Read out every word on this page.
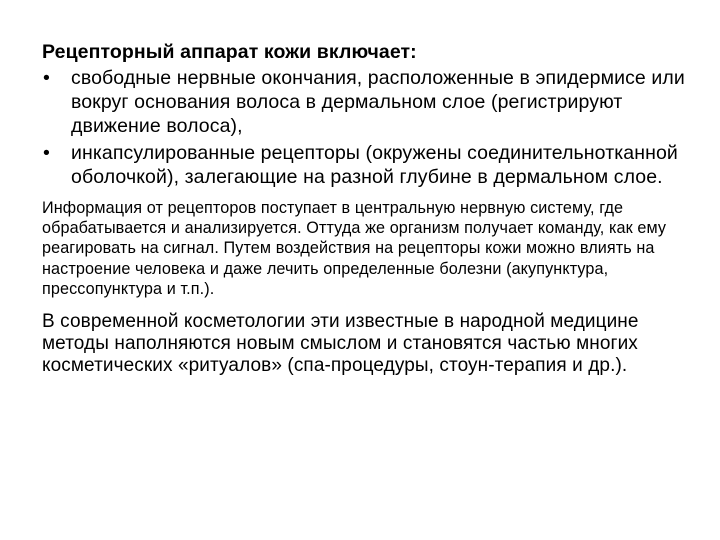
Рецепторный аппарат кожи включает:

• свободные нервные окончания, расположенные в эпидермисе или вокруг основания волоса в дермальном слое (регистрируют движение волоса),
• инкапсулированные рецепторы (окружены соединительнотканной оболочкой), залегающие на разной глубине в дермальном слое.

Информация от рецепторов поступает в центральную нервную систему, где обрабатывается и анализируется. Оттуда же организм получает команду, как ему реагировать на сигнал. Путем воздействия на рецепторы кожи можно влиять на настроение человека и даже лечить определенные болезни (акупунктура, прессопунктура и т.п.).

В современной косметологии эти известные в народной медицине методы наполняются новым смыслом и становятся частью многих косметических «ритуалов» (спа-процедуры, стоун-терапия и др.).
